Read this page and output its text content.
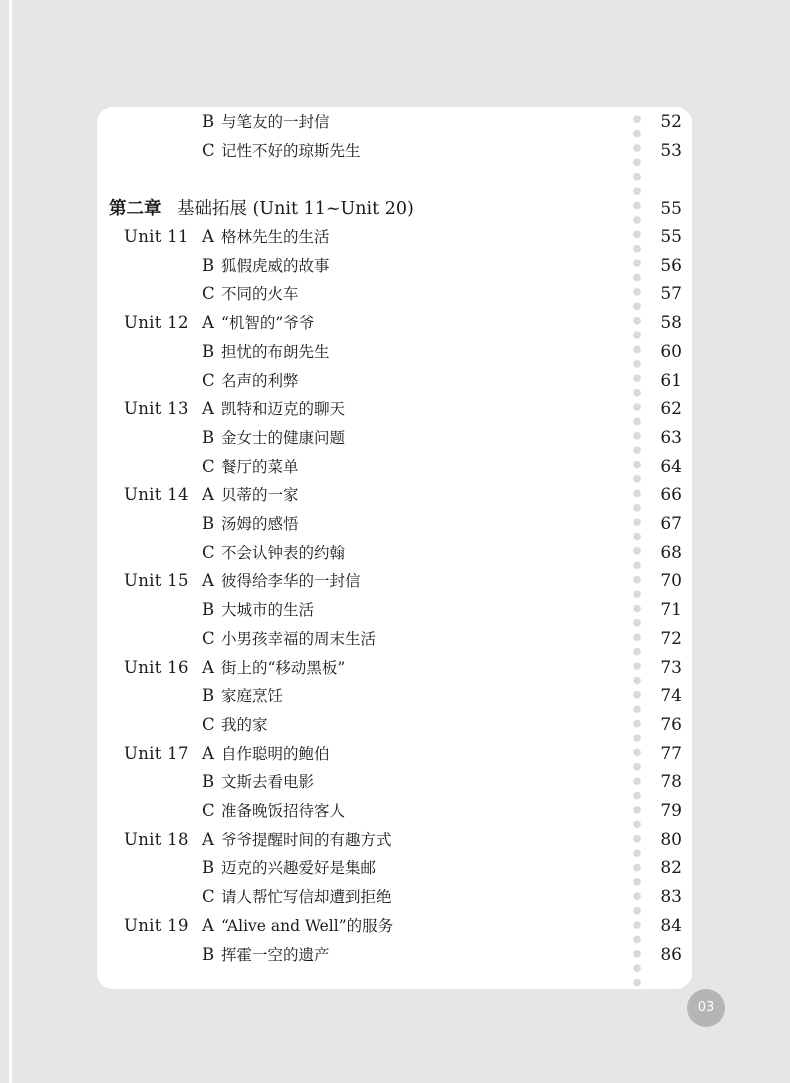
B 与笔友的一封信	52
C 记性不好的琼斯先生	53
第二章 基础拓展 (Unit 11~Unit 20)	55
Unit 11 A 格林先生的生活	55
B 狐假虎威的故事	56
C 不同的火车	57
Unit 12 A “机智的”爷爷	58
B 担忧的布朗先生	60
C 名声的利弊	61
Unit 13 A 凯特和迈克的聊天	62
B 金女士的健康问题	63
C 餐厅的菜单	64
Unit 14 A 贝蒂的一家	66
B 汤姆的感悟	67
C 不会认钟表的约翰	68
Unit 15 A 彼得给李华的一封信	70
B 大城市的生活	71
C 小男孩幸福的周末生活	72
Unit 16 A 街上的“移动黑板”	73
B 家庭烹饪	74
C 我的家	76
Unit 17 A 自作聪明的鲍伯	77
B 文斯去看电影	78
C 准备晚饭招待客人	79
Unit 18 A 爷爷提醒时间的有趣方式	80
B 迈克的兴趣爱好是集邮	82
C 请人帮忙写信却遭到拒绝	83
Unit 19 A “Alive and Well”的服务	84
B 挥霍一空的遗产	86
03
